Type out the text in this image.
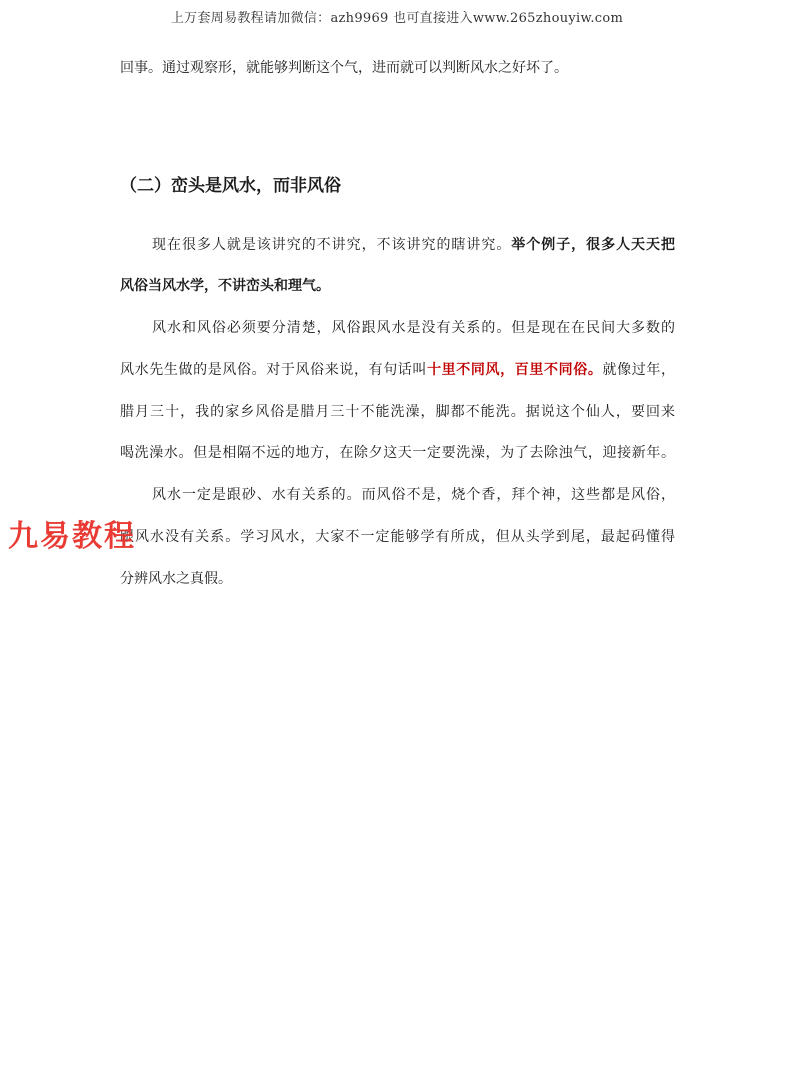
上万套周易教程请加微信：azh9969 也可直接进入www.265zhouyiw.com
回事。通过观察形，就能够判断这个气，进而就可以判断风水之好坏了。
现在很多人就是该讲究的不讲究，不该讲究的瞎讲究。举个例子，很多人天天把
风俗当风水学，不讲峦头和理气。
风水和风俗必须要分清楚，风俗跟风水是没有关系的。但是现在在民间大多数的
风水先生做的是风俗。对于风俗来说，有句话叫十里不同风，百里不同俗。就像过年，
腊月三十，我的家乡风俗是腊月三十不能洗澡，脚都不能洗。据说这个仙人，要回来
喝洗澡水。但是相隔不远的地方，在除夕这天一定要洗澡，为了去除浊气，迎接新年。
风水一定是跟砂、水有关系的。而风俗不是，烧个香，拜个神，这些都是风俗，
跟风水没有关系。学习风水，大家不一定能够学有所成，但从头学到尾，最起码懂得
分辨风水之真假。
（二）峦头是风水，而非风俗
九易教程
